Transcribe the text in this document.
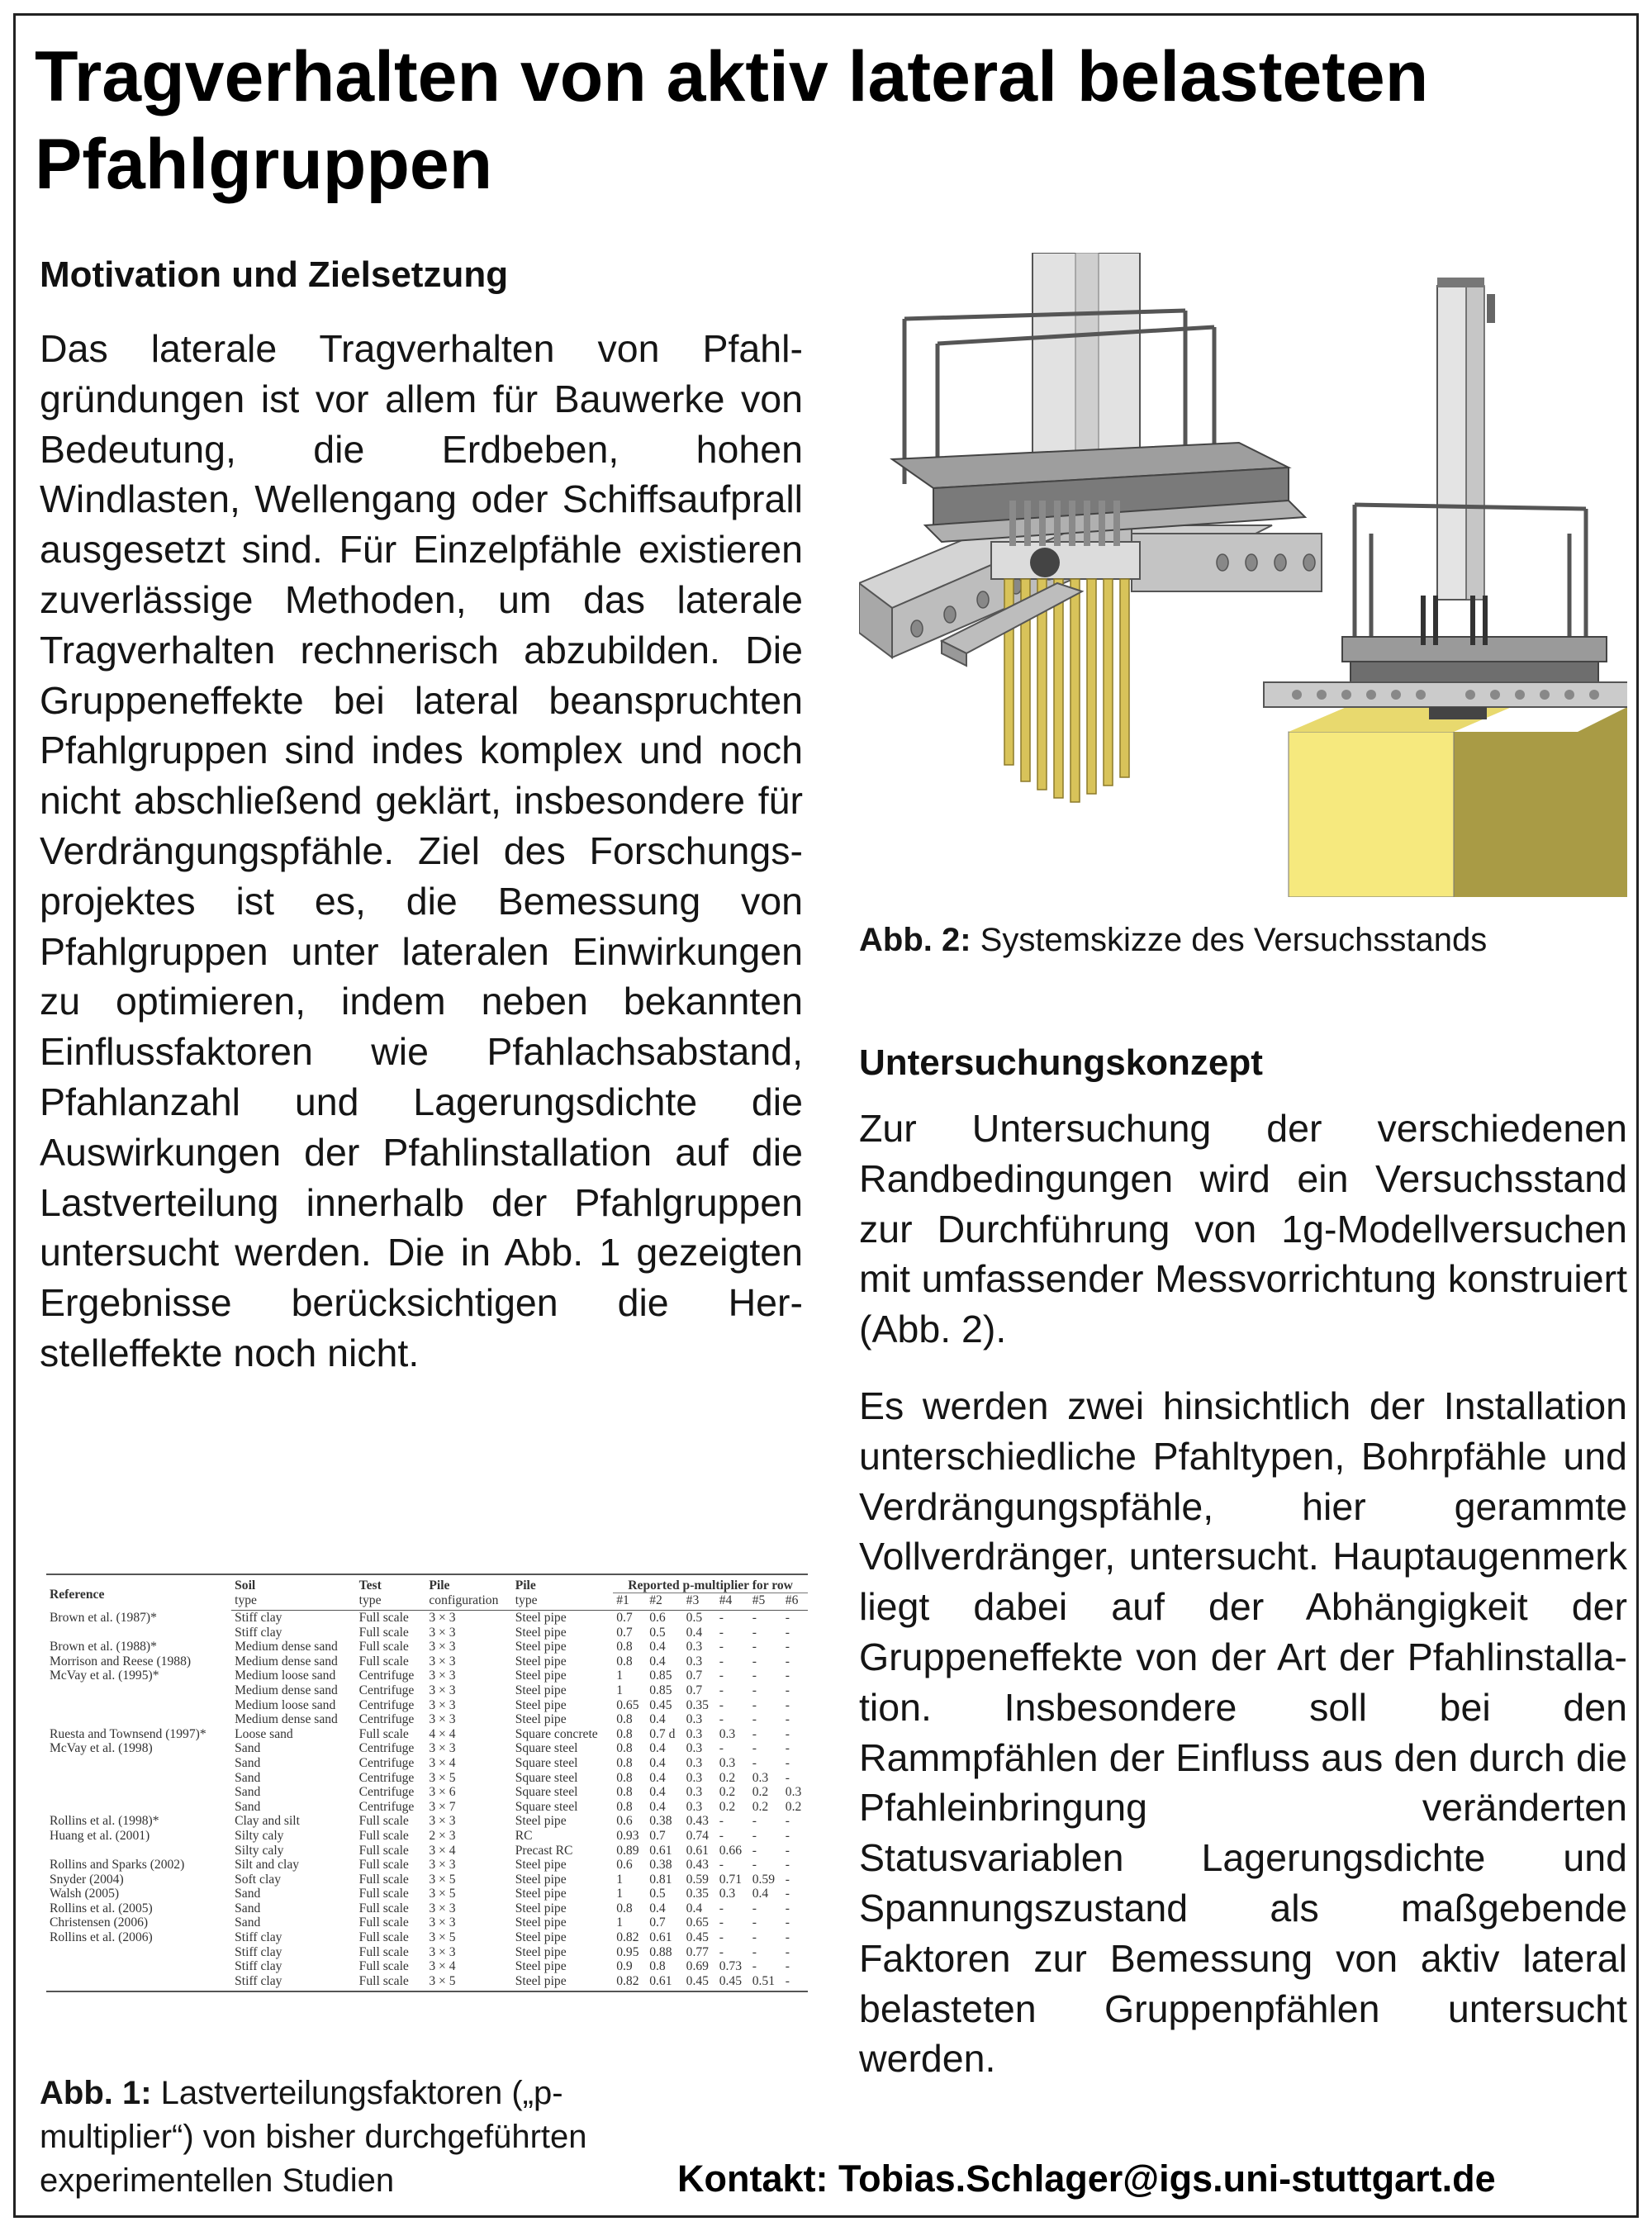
Tragverhalten von aktiv lateral belasteten Pfahlgruppen
Motivation und Zielsetzung
Das laterale Tragverhalten von Pfahlgründungen ist vor allem für Bauwerke von Bedeutung, die Erdbeben, hohen Windlasten, Wellengang oder Schiffsaufprall ausgesetzt sind. Für Einzelpfähle existieren zuverlässige Methoden, um das laterale Tragverhalten rechnerisch abzubilden. Die Gruppeneffekte bei lateral beanspruchten Pfahlgruppen sind indes komplex und noch nicht abschließend geklärt, insbesondere für Verdrängungspfähle. Ziel des Forschungsprojektes ist es, die Bemessung von Pfahlgruppen unter lateralen Einwirkungen zu optimieren, indem neben bekannten Einflussfaktoren wie Pfahlachsabstand, Pfahlanzahl und Lagerungsdichte die Auswirkungen der Pfahlinstallation auf die Lastverteilung innerhalb der Pfahlgruppen untersucht werden. Die in Abb. 1 gezeigten Ergebnisse berücksichtigen die Herstelleffekte noch nicht.
Reference	Soil	Test	Pile	Pile	Reported p-multiplier for row					
	type	type	configuration	type	#1	#2	#3	#4	#5	#6
Brown et al. (1987)*	Stiff clay	Full scale	3 × 3	Steel pipe	0.7	0.6	0.5	-	-	-
	Stiff clay	Full scale	3 × 3	Steel pipe	0.7	0.5	0.4	-	-	-
Brown et al. (1988)*	Medium dense sand	Full scale	3 × 3	Steel pipe	0.8	0.4	0.3	-	-	-
Morrison and Reese (1988)	Medium dense sand	Full scale	3 × 3	Steel pipe	0.8	0.4	0.3	-	-	-
McVay et al. (1995)*	Medium loose sand	Centrifuge	3 × 3	Steel pipe	1	0.85	0.7	-	-	-
	Medium dense sand	Centrifuge	3 × 3	Steel pipe	1	0.85	0.7	-	-	-
	Medium loose sand	Centrifuge	3 × 3	Steel pipe	0.65	0.45	0.35	-	-	-
	Medium dense sand	Centrifuge	3 × 3	Steel pipe	0.8	0.4	0.3	-	-	-
Ruesta and Townsend (1997)*	Loose sand	Full scale	4 × 4	Square concrete	0.8	0.7 d	0.3	0.3	-	-
McVay et al. (1998)	Sand	Centrifuge	3 × 3	Square steel	0.8	0.4	0.3	-	-	-
	Sand	Centrifuge	3 × 4	Square steel	0.8	0.4	0.3	0.3	-	-
	Sand	Centrifuge	3 × 5	Square steel	0.8	0.4	0.3	0.2	0.3	-
	Sand	Centrifuge	3 × 6	Square steel	0.8	0.4	0.3	0.2	0.2	0.3
	Sand	Centrifuge	3 × 7	Square steel	0.8	0.4	0.3	0.2	0.2	0.2
Rollins et al. (1998)*	Clay and silt	Full scale	3 × 3	Steel pipe	0.6	0.38	0.43	-	-	-
Huang et al. (2001)	Silty caly	Full scale	2 × 3	RC	0.93	0.7	0.74	-	-	-
	Silty caly	Full scale	3 × 4	Precast RC	0.89	0.61	0.61	0.66	-	-
Rollins and Sparks (2002)	Silt and clay	Full scale	3 × 3	Steel pipe	0.6	0.38	0.43	-	-	-
Snyder (2004)	Soft clay	Full scale	3 × 5	Steel pipe	1	0.81	0.59	0.71	0.59	-
Walsh (2005)	Sand	Full scale	3 × 5	Steel pipe	1	0.5	0.35	0.3	0.4	-
Rollins et al. (2005)	Sand	Full scale	3 × 3	Steel pipe	0.8	0.4	0.4	-	-	-
Christensen (2006)	Sand	Full scale	3 × 3	Steel pipe	1	0.7	0.65	-	-	-
Rollins et al. (2006)	Stiff clay	Full scale	3 × 5	Steel pipe	0.82	0.61	0.45	-	-	-
	Stiff clay	Full scale	3 × 3	Steel pipe	0.95	0.88	0.77	-	-	-
	Stiff clay	Full scale	3 × 4	Steel pipe	0.9	0.8	0.69	0.73	-	-
	Stiff clay	Full scale	3 × 5	Steel pipe	0.82	0.61	0.45	0.45	0.51	-
Abb. 1: Lastverteilungsfaktoren („p-multiplier“) von bisher durchgeführten experimentellen Studien
Abb. 2: Systemskizze des Versuchsstands
Untersuchungskonzept
Zur Untersuchung der verschiedenen Randbedingungen wird ein Versuchsstand zur Durchführung von 1g-Modellversuchen mit umfassender Messvorrichtung konstruiert (Abb. 2).
Es werden zwei hinsichtlich der Installation unterschiedliche Pfahltypen, Bohrpfähle und Verdrängungspfähle, hier gerammte Vollverdränger, untersucht. Hauptaugenmerk liegt dabei auf der Abhängigkeit der Gruppeneffekte von der Art der Pfahlinstallation. Insbesondere soll bei den Rammpfählen der Einfluss aus den durch die Pfahleinbringung veränderten Statusvariablen Lagerungsdichte und Spannungszustand als maßgebende Faktoren zur Bemessung von aktiv lateral belasteten Gruppenpfählen untersucht werden.
Kontakt: Tobias.Schlager@igs.uni-stuttgart.de
